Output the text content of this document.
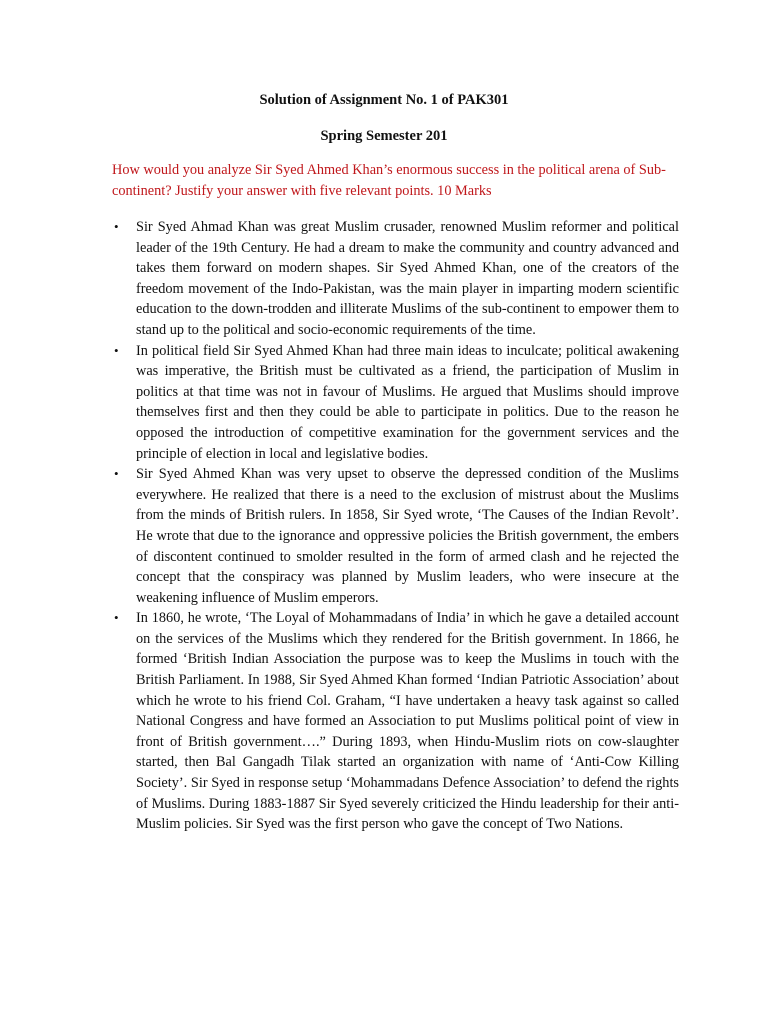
Solution of Assignment No. 1 of PAK301
Spring Semester 201
How would you analyze Sir Syed Ahmed Khan’s enormous success in the political arena of Sub-continent? Justify your answer with five relevant points. 10 Marks
• Sir Syed Ahmad Khan was great Muslim crusader, renowned Muslim reformer and political leader of the 19th Century. He had a dream to make the community and country advanced and takes them forward on modern shapes. Sir Syed Ahmed Khan, one of the creators of the freedom movement of the Indo-Pakistan, was the main player in imparting modern scientific education to the down-trodden and illiterate Muslims of the sub-continent to empower them to stand up to the political and socio-economic requirements of the time.
• In political field Sir Syed Ahmed Khan had three main ideas to inculcate; political awakening was imperative, the British must be cultivated as a friend, the participation of Muslim in politics at that time was not in favour of Muslims. He argued that Muslims should improve themselves first and then they could be able to participate in politics. Due to the reason he opposed the introduction of competitive examination for the government services and the principle of election in local and legislative bodies.
• Sir Syed Ahmed Khan was very upset to observe the depressed condition of the Muslims everywhere. He realized that there is a need to the exclusion of mistrust about the Muslims from the minds of British rulers. In 1858, Sir Syed wrote, ‘The Causes of the Indian Revolt’. He wrote that due to the ignorance and oppressive policies the British government, the embers of discontent continued to smolder resulted in the form of armed clash and he rejected the concept that the conspiracy was planned by Muslim leaders, who were insecure at the weakening influence of Muslim emperors.
• In 1860, he wrote, ‘The Loyal of Mohammadans of India’ in which he gave a detailed account on the services of the Muslims which they rendered for the British government. In 1866, he formed ‘British Indian Association the purpose was to keep the Muslims in touch with the British Parliament. In 1988, Sir Syed Ahmed Khan formed ‘Indian Patriotic Association’ about which he wrote to his friend Col. Graham, “I have undertaken a heavy task against so called National Congress and have formed an Association to put Muslims political point of view in front of British government….” During 1893, when Hindu-Muslim riots on cow-slaughter started, then Bal Gangadh Tilak started an organization with name of ‘Anti-Cow Killing Society’. Sir Syed in response setup ‘Mohammadans Defence Association’ to defend the rights of Muslims. During 1883-1887 Sir Syed severely criticized the Hindu leadership for their anti-Muslim policies. Sir Syed was the first person who gave the concept of Two Nations.
